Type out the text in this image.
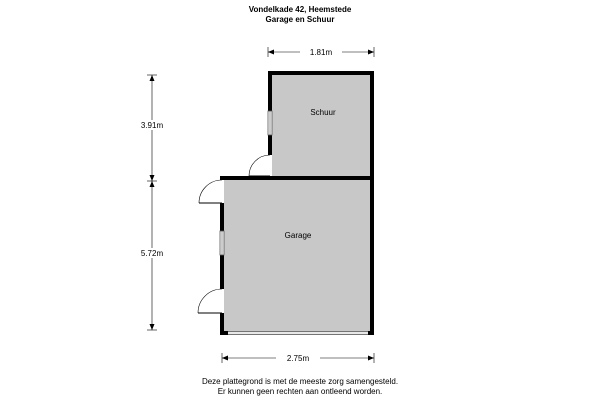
Vondelkade 42, Heemstede
Garage en Schuur
1.81m
3.91m
5.72m
2.75m
Schuur
Garage
Deze plattegrond is met de meeste zorg samengesteld.
Er kunnen geen rechten aan ontleend worden.
